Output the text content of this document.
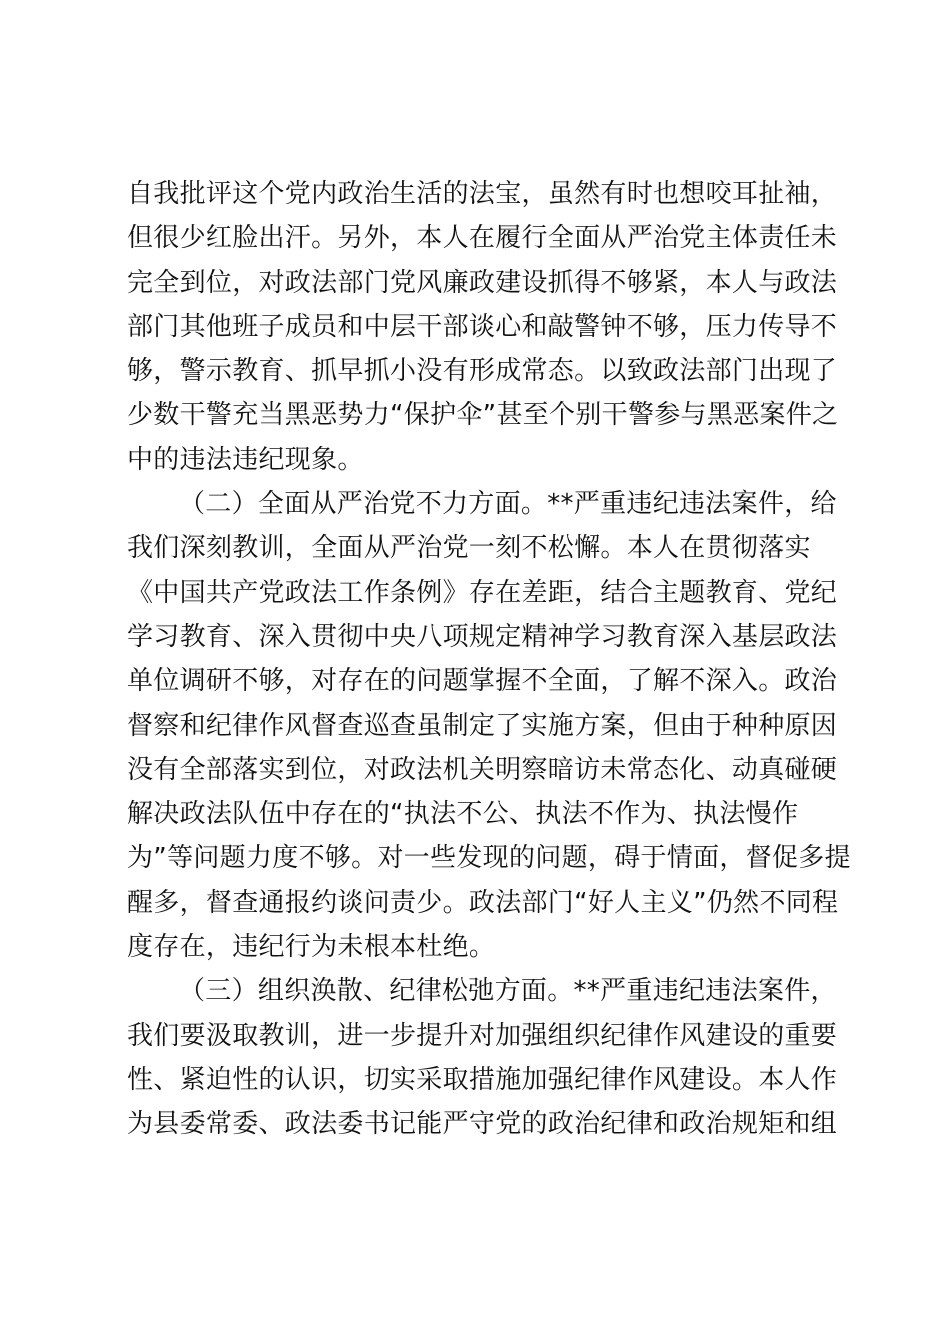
自我批评这个党内政治生活的法宝，虽然有时也想咬耳扯袖，
但很少红脸出汗。另外，本人在履行全面从严治党主体责任未
完全到位，对政法部门党风廉政建设抓得不够紧，本人与政法
部门其他班子成员和中层干部谈心和敲警钟不够，压力传导不
够，警示教育、抓早抓小没有形成常态。以致政法部门出现了
少数干警充当黑恶势力“保护伞”甚至个别干警参与黑恶案件之
中的违法违纪现象。
（二）全面从严治党不力方面。**严重违纪违法案件，给
我们深刻教训，全面从严治党一刻不松懈。本人在贯彻落实
《中国共产党政法工作条例》存在差距，结合主题教育、党纪
学习教育、深入贯彻中央八项规定精神学习教育深入基层政法
单位调研不够，对存在的问题掌握不全面，了解不深入。政治
督察和纪律作风督查巡查虽制定了实施方案，但由于种种原因
没有全部落实到位，对政法机关明察暗访未常态化、动真碰硬
解决政法队伍中存在的“执法不公、执法不作为、执法慢作
为”等问题力度不够。对一些发现的问题，碍于情面，督促多提
醒多，督查通报约谈问责少。政法部门“好人主义”仍然不同程
度存在，违纪行为未根本杜绝。
（三）组织涣散、纪律松弛方面。**严重违纪违法案件，
我们要汲取教训，进一步提升对加强组织纪律作风建设的重要
性、紧迫性的认识，切实采取措施加强纪律作风建设。本人作
为县委常委、政法委书记能严守党的政治纪律和政治规矩和组
